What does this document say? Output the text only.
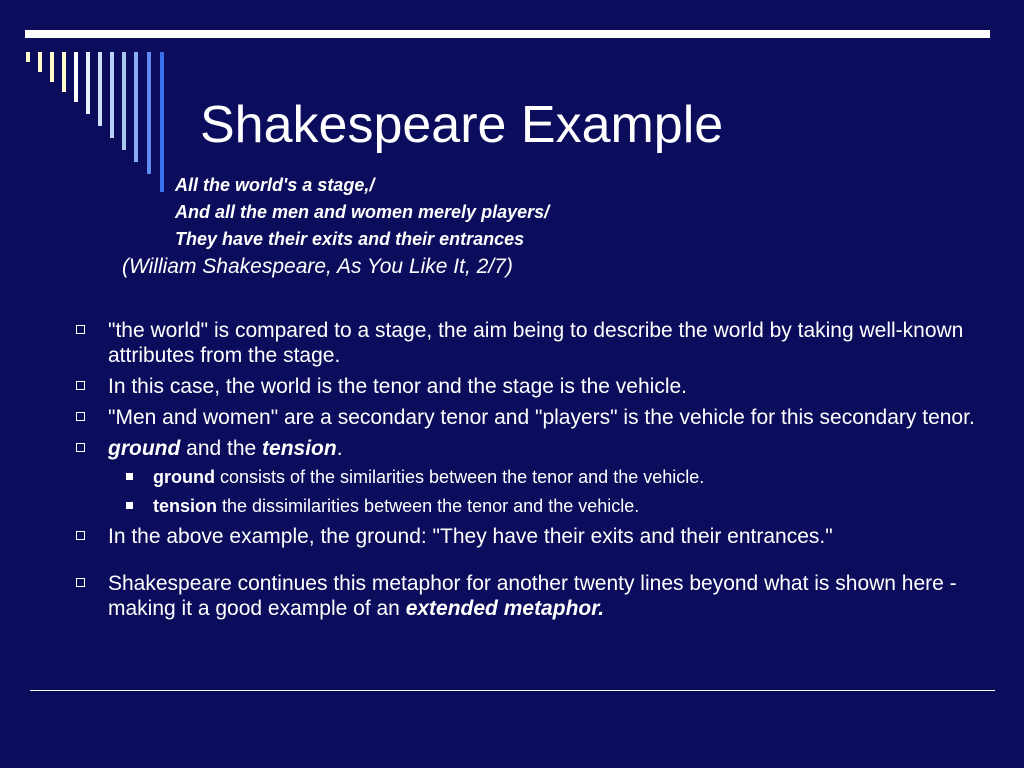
Shakespeare Example
All the world's a stage,/
And all the men and women merely players/
They have their exits and their entrances
(William Shakespeare, As You Like It, 2/7)
"the world" is compared to a stage, the aim being to describe the world by taking well-known attributes from the stage.
In this case, the world is the tenor and the stage is the vehicle.
"Men and women" are a secondary tenor and "players" is the vehicle for this secondary tenor.
ground and the tension.
ground consists of the similarities between the tenor and the vehicle.
tension the dissimilarities between the tenor and the vehicle.
In the above example, the ground: "They have their exits and their entrances."
Shakespeare continues this metaphor for another twenty lines beyond what is shown here - making it a good example of an extended metaphor.
